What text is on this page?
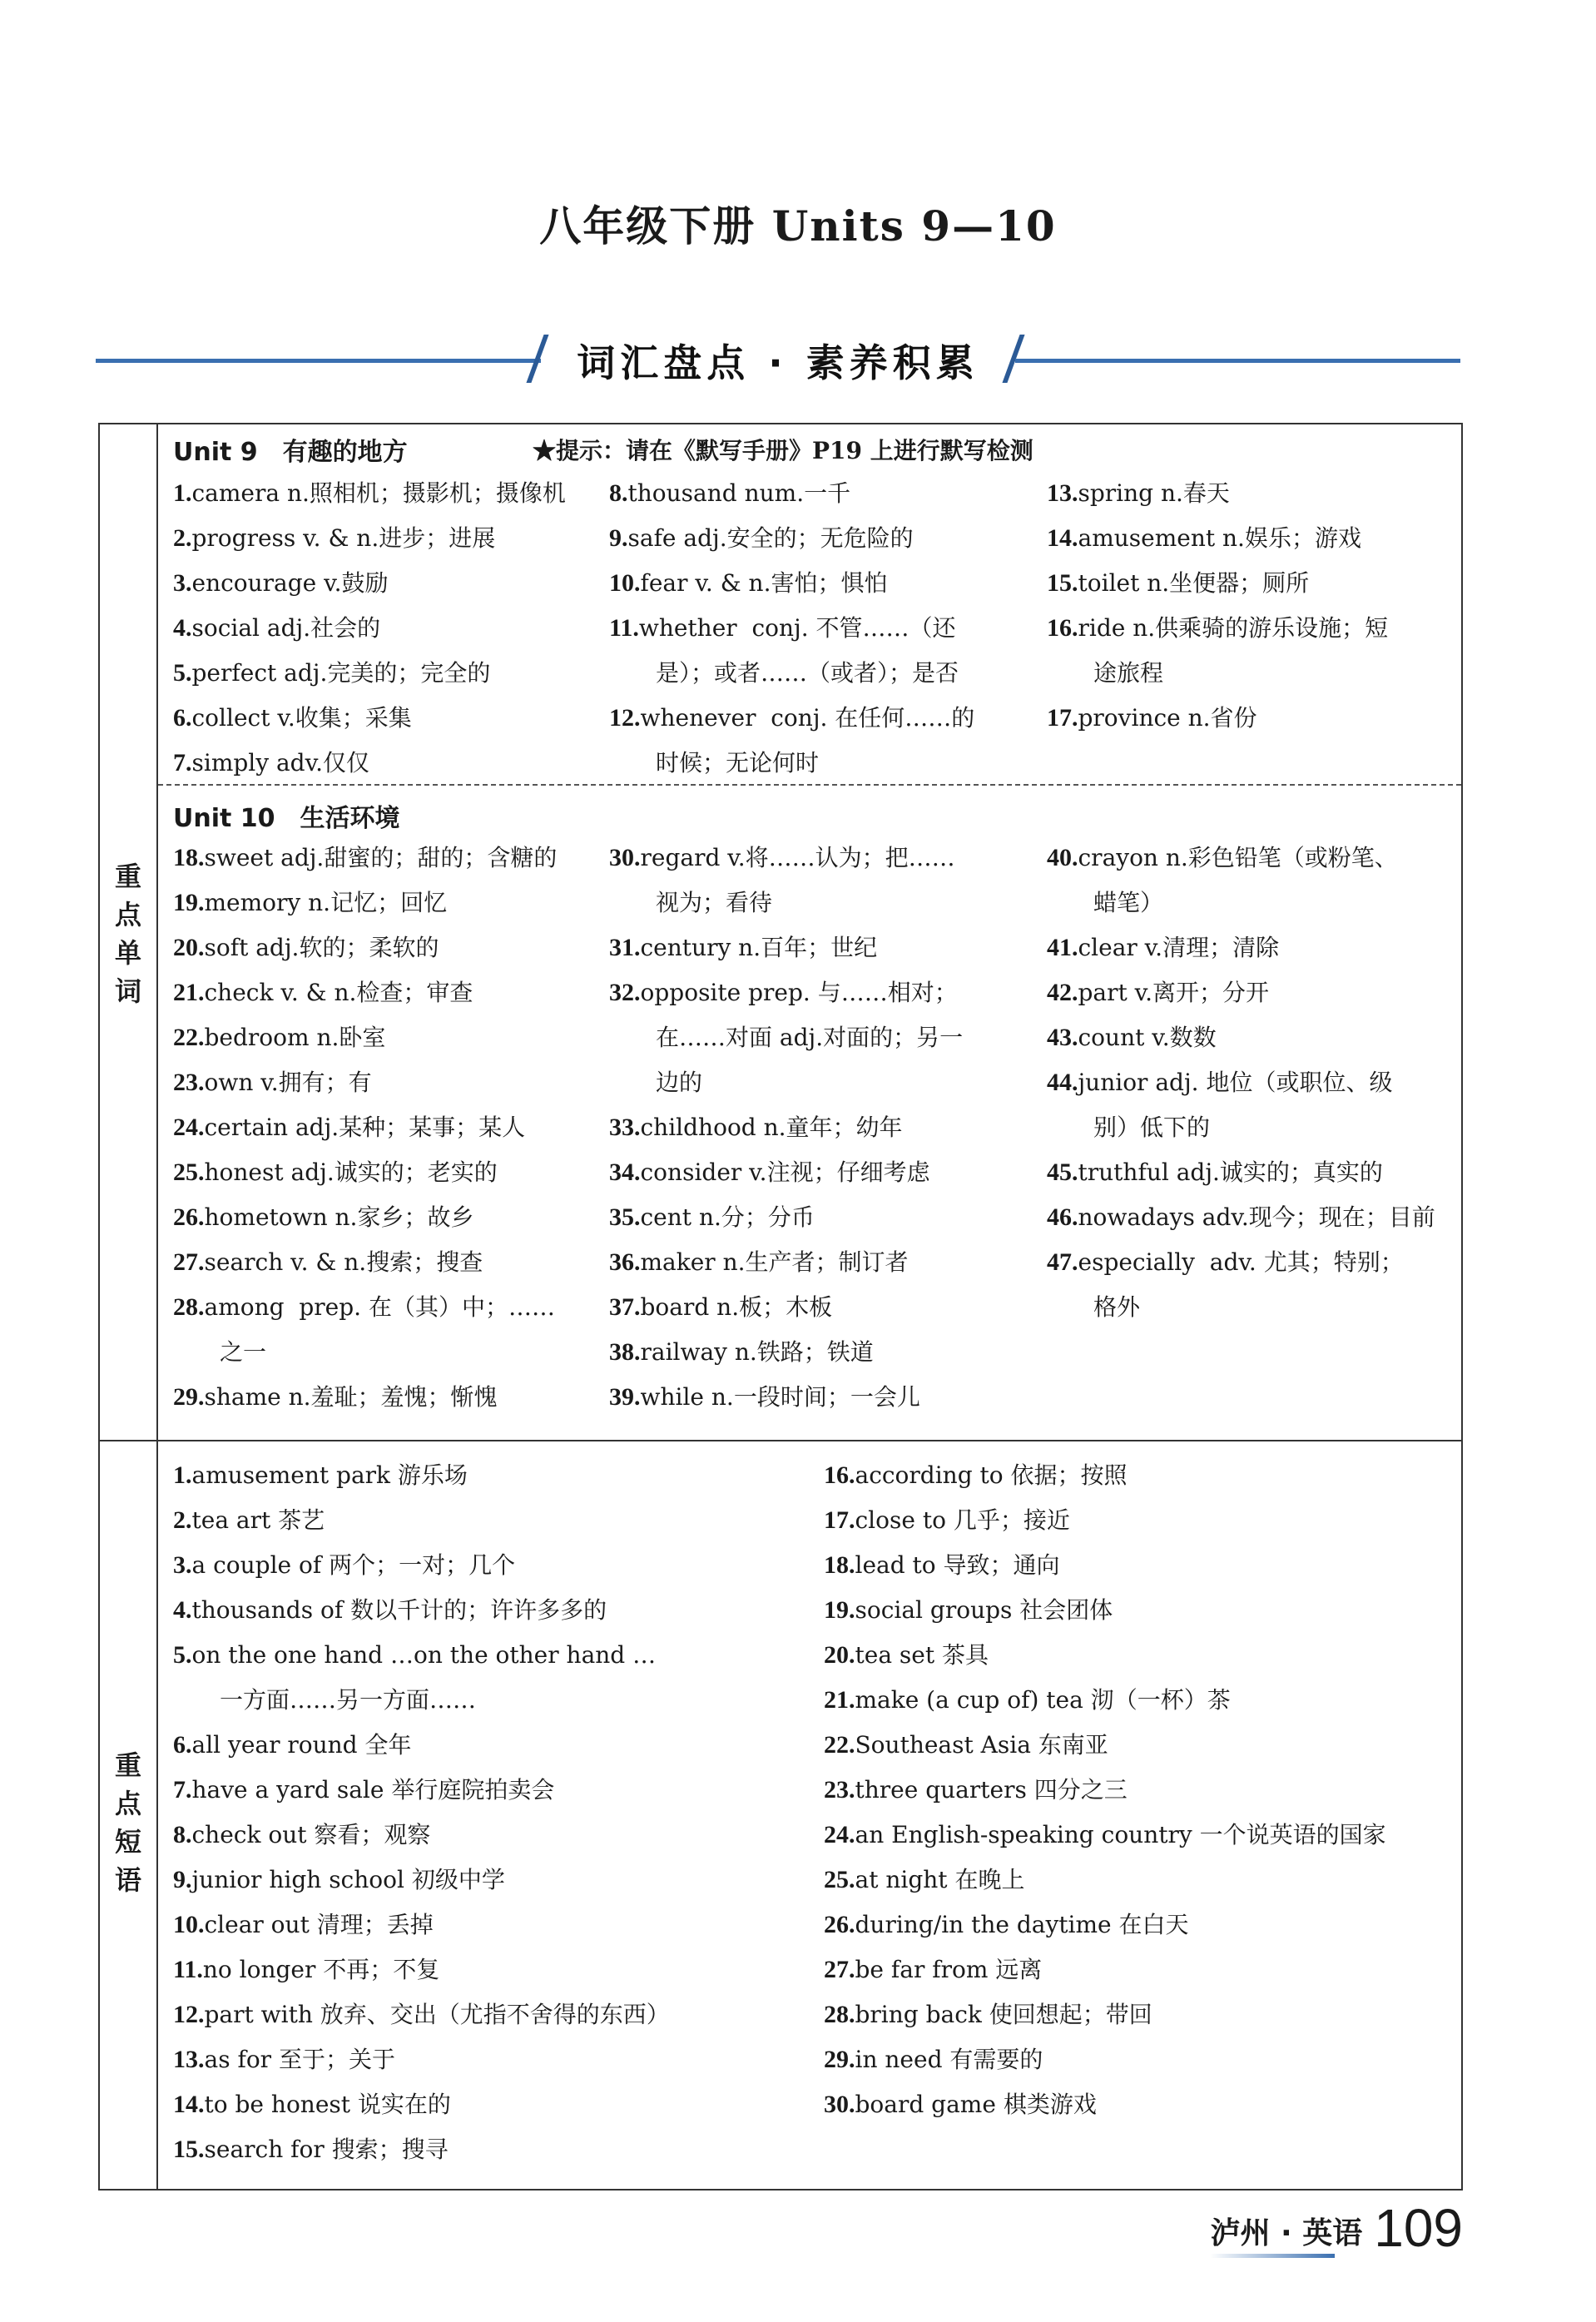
八年级下册 Units 9—10
词汇盘点 · 素养积累
重
点
单
词
重
点
短
语
Unit 9　有趣的地方	★提示：请在《默写手册》P19 上进行默写检测
1. camera n.照相机；摄影机；摄像机
2. progress v. & n.进步；进展
3. encourage v.鼓励
4. social adj.社会的
5. perfect adj.完美的；完全的
6. collect v.收集；采集
7. simply adv.仅仅
8. thousand num.一千
9. safe adj.安全的；无危险的
10. fear v. & n.害怕；惧怕
11. whether  conj. 不管……（还
是）；或者……（或者）；是否
12. whenever  conj. 在任何……的
时候；无论何时
13. spring n.春天
14. amusement n.娱乐；游戏
15. toilet n.坐便器；厕所
16. ride n.供乘骑的游乐设施；短
途旅程
17. province n.省份
Unit 10　生活环境
18. sweet adj.甜蜜的；甜的；含糖的
19. memory n.记忆；回忆
20. soft adj.软的；柔软的
21. check v. & n.检查；审查
22. bedroom n.卧室
23. own v.拥有；有
24. certain adj.某种；某事；某人
25. honest adj.诚实的；老实的
26. hometown n.家乡；故乡
27. search v. & n.搜索；搜查
28. among  prep. 在（其）中；……
之一
29. shame n.羞耻；羞愧；惭愧
30. regard v.将……认为；把……
视为；看待
31. century n.百年；世纪
32. opposite prep. 与……相对；
在……对面 adj.对面的；另一
边的
33. childhood n.童年；幼年
34. consider v.注视；仔细考虑
35. cent n.分；分币
36. maker n.生产者；制订者
37. board n.板；木板
38. railway n.铁路；铁道
39. while n.一段时间；一会儿
40. crayon n.彩色铅笔（或粉笔、
蜡笔）
41. clear v.清理；清除
42. part v.离开；分开
43. count v.数数
44. junior adj. 地位（或职位、级
别）低下的
45. truthful adj.诚实的；真实的
46. nowadays adv.现今；现在；目前
47. especially  adv. 尤其；特别；
格外
1. amusement park 游乐场
2. tea art 茶艺
3. a couple of 两个；一对；几个
4. thousands of 数以千计的；许许多多的
5. on the one hand …on the other hand …
一方面……另一方面……
6. all year round 全年
7. have a yard sale 举行庭院拍卖会
8. check out 察看；观察
9. junior high school 初级中学
10. clear out 清理；丢掉
11. no longer 不再；不复
12. part with 放弃、交出（尤指不舍得的东西）
13. as for 至于；关于
14. to be honest 说实在的
15. search for 搜索；搜寻
16. according to 依据；按照
17. close to 几乎；接近
18. lead to 导致；通向
19. social groups 社会团体
20. tea set 茶具
21. make (a cup of) tea 沏（一杯）茶
22. Southeast Asia 东南亚
23. three quarters 四分之三
24. an English-speaking country 一个说英语的国家
25. at night 在晚上
26. during/in the daytime 在白天
27. be far from 远离
28. bring back 使回想起；带回
29. in need 有需要的
30. board game 棋类游戏
泸州 · 英语 109
